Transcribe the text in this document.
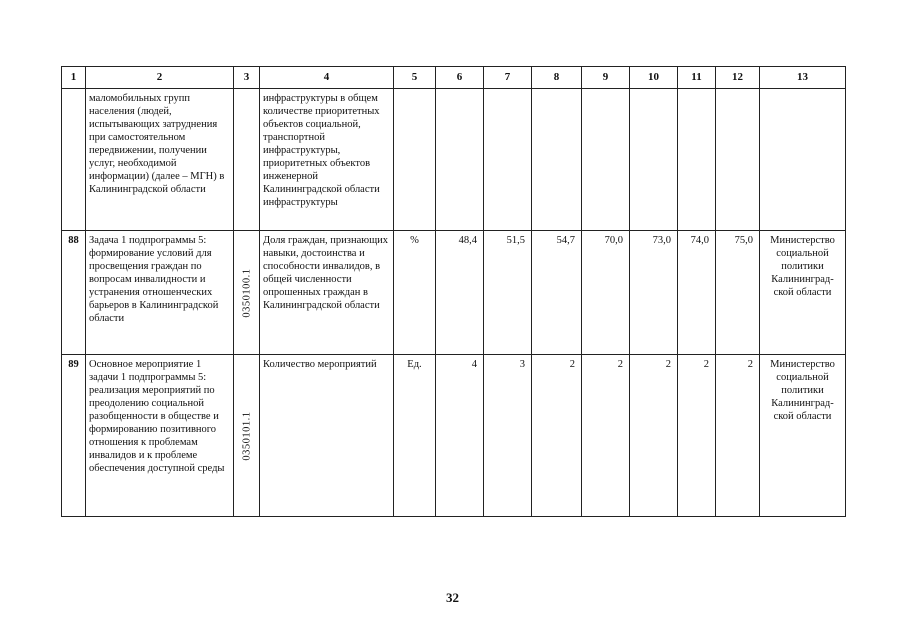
1	2	3	4	5	6	7	8	9	10	11	12	13
	маломобильных групп населения (людей, испытывающих затруднения при самостоятельном передвижении, получении услуг, необходимой информации) (далее – МГН) в Калининградской области		инфраструктуры в общем количестве приоритетных объектов социальной, транспортной инфраструктуры, приоритетных объектов инженерной Калининградской области инфраструктуры									
88	Задача 1 подпрограммы 5: формирование условий для просвещения граждан по вопросам инвалидности и устранения отношенческих барьеров в Калининградской области	0350100.1	Доля граждан, признающих навыки, достоинства и способности инвалидов, в общей численности опрошенных граждан в Калининградской области	%	48,4	51,5	54,7	70,0	73,0	74,0	75,0	Министерство социальной политики Калининград-ской области
89	Основное мероприятие 1 задачи 1 подпрограммы 5: реализация мероприятий по преодолению социальной разобщенности в обществе и формированию позитивного отношения к проблемам инвалидов и к проблеме обеспечения доступной среды	0350101.1	Количество мероприятий	Ед.	4	3	2	2	2	2	2	Министерство социальной политики Калининград-ской области
32
